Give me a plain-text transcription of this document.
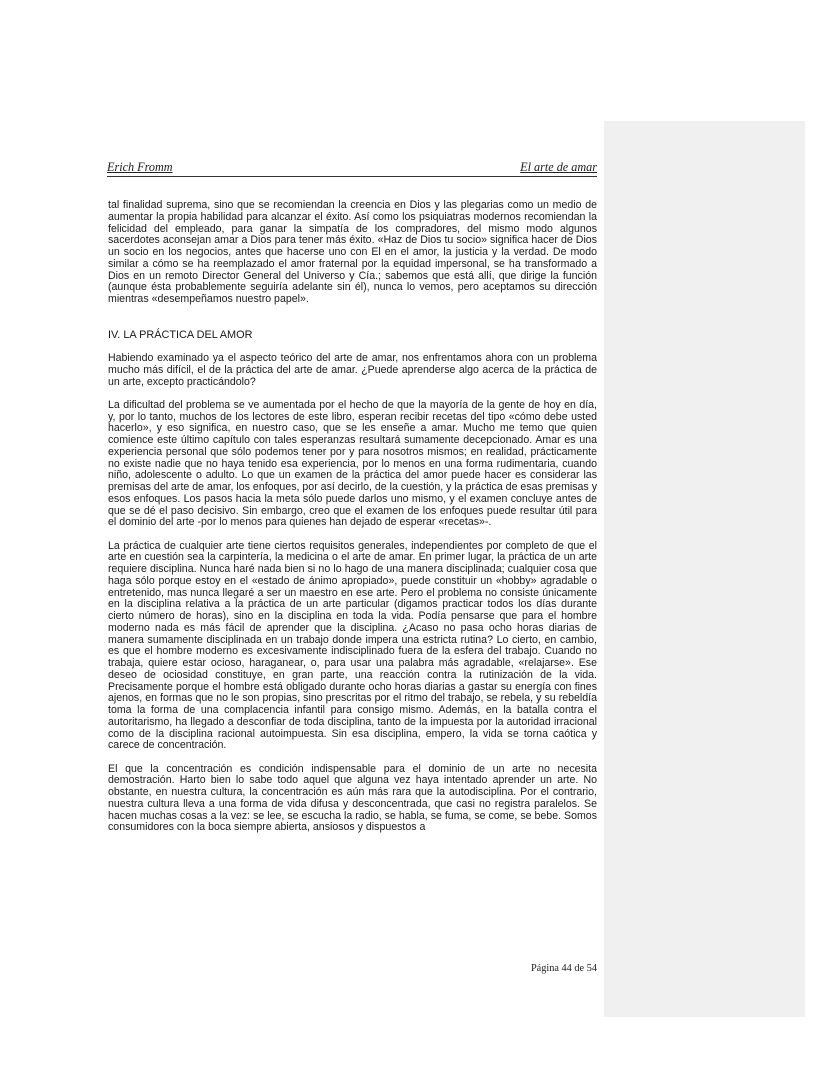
Erich Fromm	El arte de amar

tal finalidad suprema, sino que se recomiendan la creencia en Dios y las plegarias como un medio de aumentar la propia habilidad para alcanzar el éxito. Así como los psiquiatras modernos recomiendan la felicidad del empleado, para ganar la simpatía de los compradores, del mismo modo algunos sacerdotes aconsejan amar a Dios para tener más éxito. «Haz de Dios tu socio» significa hacer de Dios un socio en los negocios, antes que hacerse uno con El en el amor, la justicia y la verdad. De modo similar a cómo se ha reemplazado el amor fraternal por la equidad impersonal, se ha transformado a Dios en un remoto Director General del Universo y Cía.; sabemos que está allí, que dirige la función (aunque ésta probablemente seguiría adelante sin él), nunca lo vemos, pero aceptamos su dirección mientras «desempeñamos nuestro papel».

IV. LA PRÁCTICA DEL AMOR

Habiendo examinado ya el aspecto teórico del arte de amar, nos enfrentamos ahora con un problema mucho más difícil, el de la práctica del arte de amar. ¿Puede aprenderse algo acerca de la práctica de un arte, excepto practicándolo?

La dificultad del problema se ve aumentada por el hecho de que la mayoría de la gente de hoy en día, y, por lo tanto, muchos de los lectores de este libro, esperan recibir recetas del tipo «cómo debe usted hacerlo», y eso significa, en nuestro caso, que se les enseñe a amar. Mucho me temo que quien comience este último capítulo con tales esperanzas resultará sumamente decepcionado. Amar es una experiencia personal que sólo podemos tener por y para nosotros mismos; en realidad, prácticamente no existe nadie que no haya tenido esa experiencia, por lo menos en una forma rudimentaria, cuando niño, adolescente o adulto. Lo que un examen de la práctica del amor puede hacer es considerar las premisas del arte de amar, los enfoques, por así decirlo, de la cuestión, y la práctica de esas premisas y esos enfoques. Los pasos hacia la meta sólo puede darlos uno mismo, y el examen concluye antes de que se dé el paso decisivo. Sin embargo, creo que el examen de los enfoques puede resultar útil para el dominio del arte -por lo menos para quienes han dejado de esperar «recetas»-.

La práctica de cualquier arte tiene ciertos requisitos generales, independientes por completo de que el arte en cuestión sea la carpintería, la medicina o el arte de amar. En primer lugar, la práctica de un arte requiere disciplina. Nunca haré nada bien si no lo hago de una manera disciplinada; cualquier cosa que haga sólo porque estoy en el «estado de ánimo apropiado», puede constituir un «hobby» agradable o entretenido, mas nunca llegaré a ser un maestro en ese arte. Pero el problema no consiste únicamente en la disciplina relativa a la práctica de un arte particular (digamos practicar todos los días durante cierto número de horas), sino en la disciplina en toda la vida. Podía pensarse que para el hombre moderno nada es más fácil de aprender que la disciplina. ¿Acaso no pasa ocho horas diarias de manera sumamente disciplinada en un trabajo donde impera una estricta rutina? Lo cierto, en cambio, es que el hombre moderno es excesivamente indisciplinado fuera de la esfera del trabajo. Cuando no trabaja, quiere estar ocioso, haraganear, o, para usar una palabra más agradable, «relajarse». Ese deseo de ociosidad constituye, en gran parte, una reacción contra la rutinización de la vida. Precisamente porque el hombre está obligado durante ocho horas diarias a gastar su energía con fines ajenos, en formas que no le son propias, sino prescritas por el ritmo del trabajo, se rebela, y su rebeldía toma la forma de una complacencia infantil para consigo mismo. Además, en la batalla contra el autoritarismo, ha llegado a desconfiar de toda disciplina, tanto de la impuesta por la autoridad irracional como de la disciplina racional autoimpuesta. Sin esa disciplina, empero, la vida se torna caótica y carece de concentración.

El que la concentración es condición indispensable para el dominio de un arte no necesita demostración. Harto bien lo sabe todo aquel que alguna vez haya intentado aprender un arte. No obstante, en nuestra cultura, la concentración es aún más rara que la autodisciplina. Por el contrario, nuestra cultura lleva a una forma de vida difusa y desconcentrada, que casi no registra paralelos. Se hacen muchas cosas a la vez: se lee, se escucha la radio, se habla, se fuma, se come, se bebe. Somos consumidores con la boca siempre abierta, ansiosos y dispuestos a

Página 44 de 54
